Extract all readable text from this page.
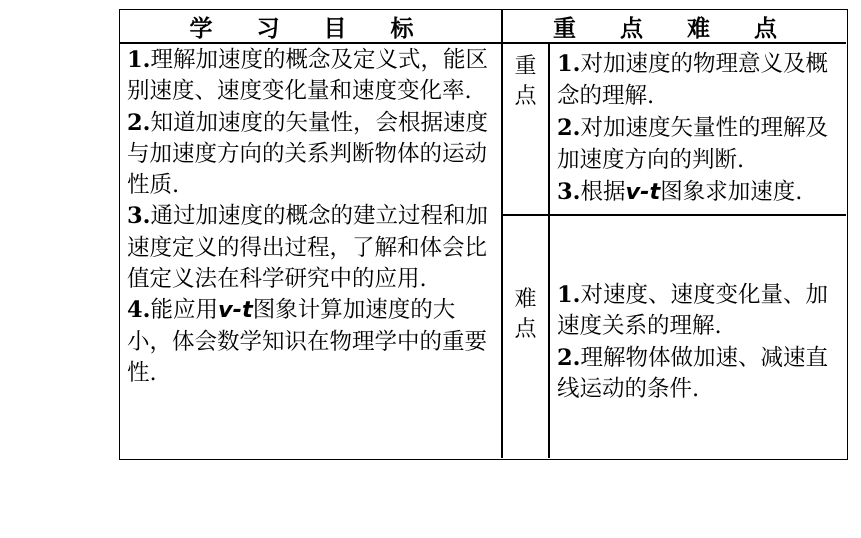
学 习 目 标	重 点 难 点
1.理解加速度的概念及定义式，能区别速度、速度变化量和速度变化率.
2.知道加速度的矢量性，会根据速度与加速度方向的关系判断物体的运动性质.
3.通过加速度的概念的建立过程和加速度定义的得出过程，了解和体会比值定义法在科学研究中的应用.
4.能应用v-t图象计算加速度的大小，体会数学知识在物理学中的重要性.
重
点
1.对加速度的物理意义及概念的理解.
2.对加速度矢量性的理解及加速度方向的判断.
3.根据v-t图象求加速度.
难
点
1.对速度、速度变化量、加速度关系的理解.
2.理解物体做加速、减速直线运动的条件.
